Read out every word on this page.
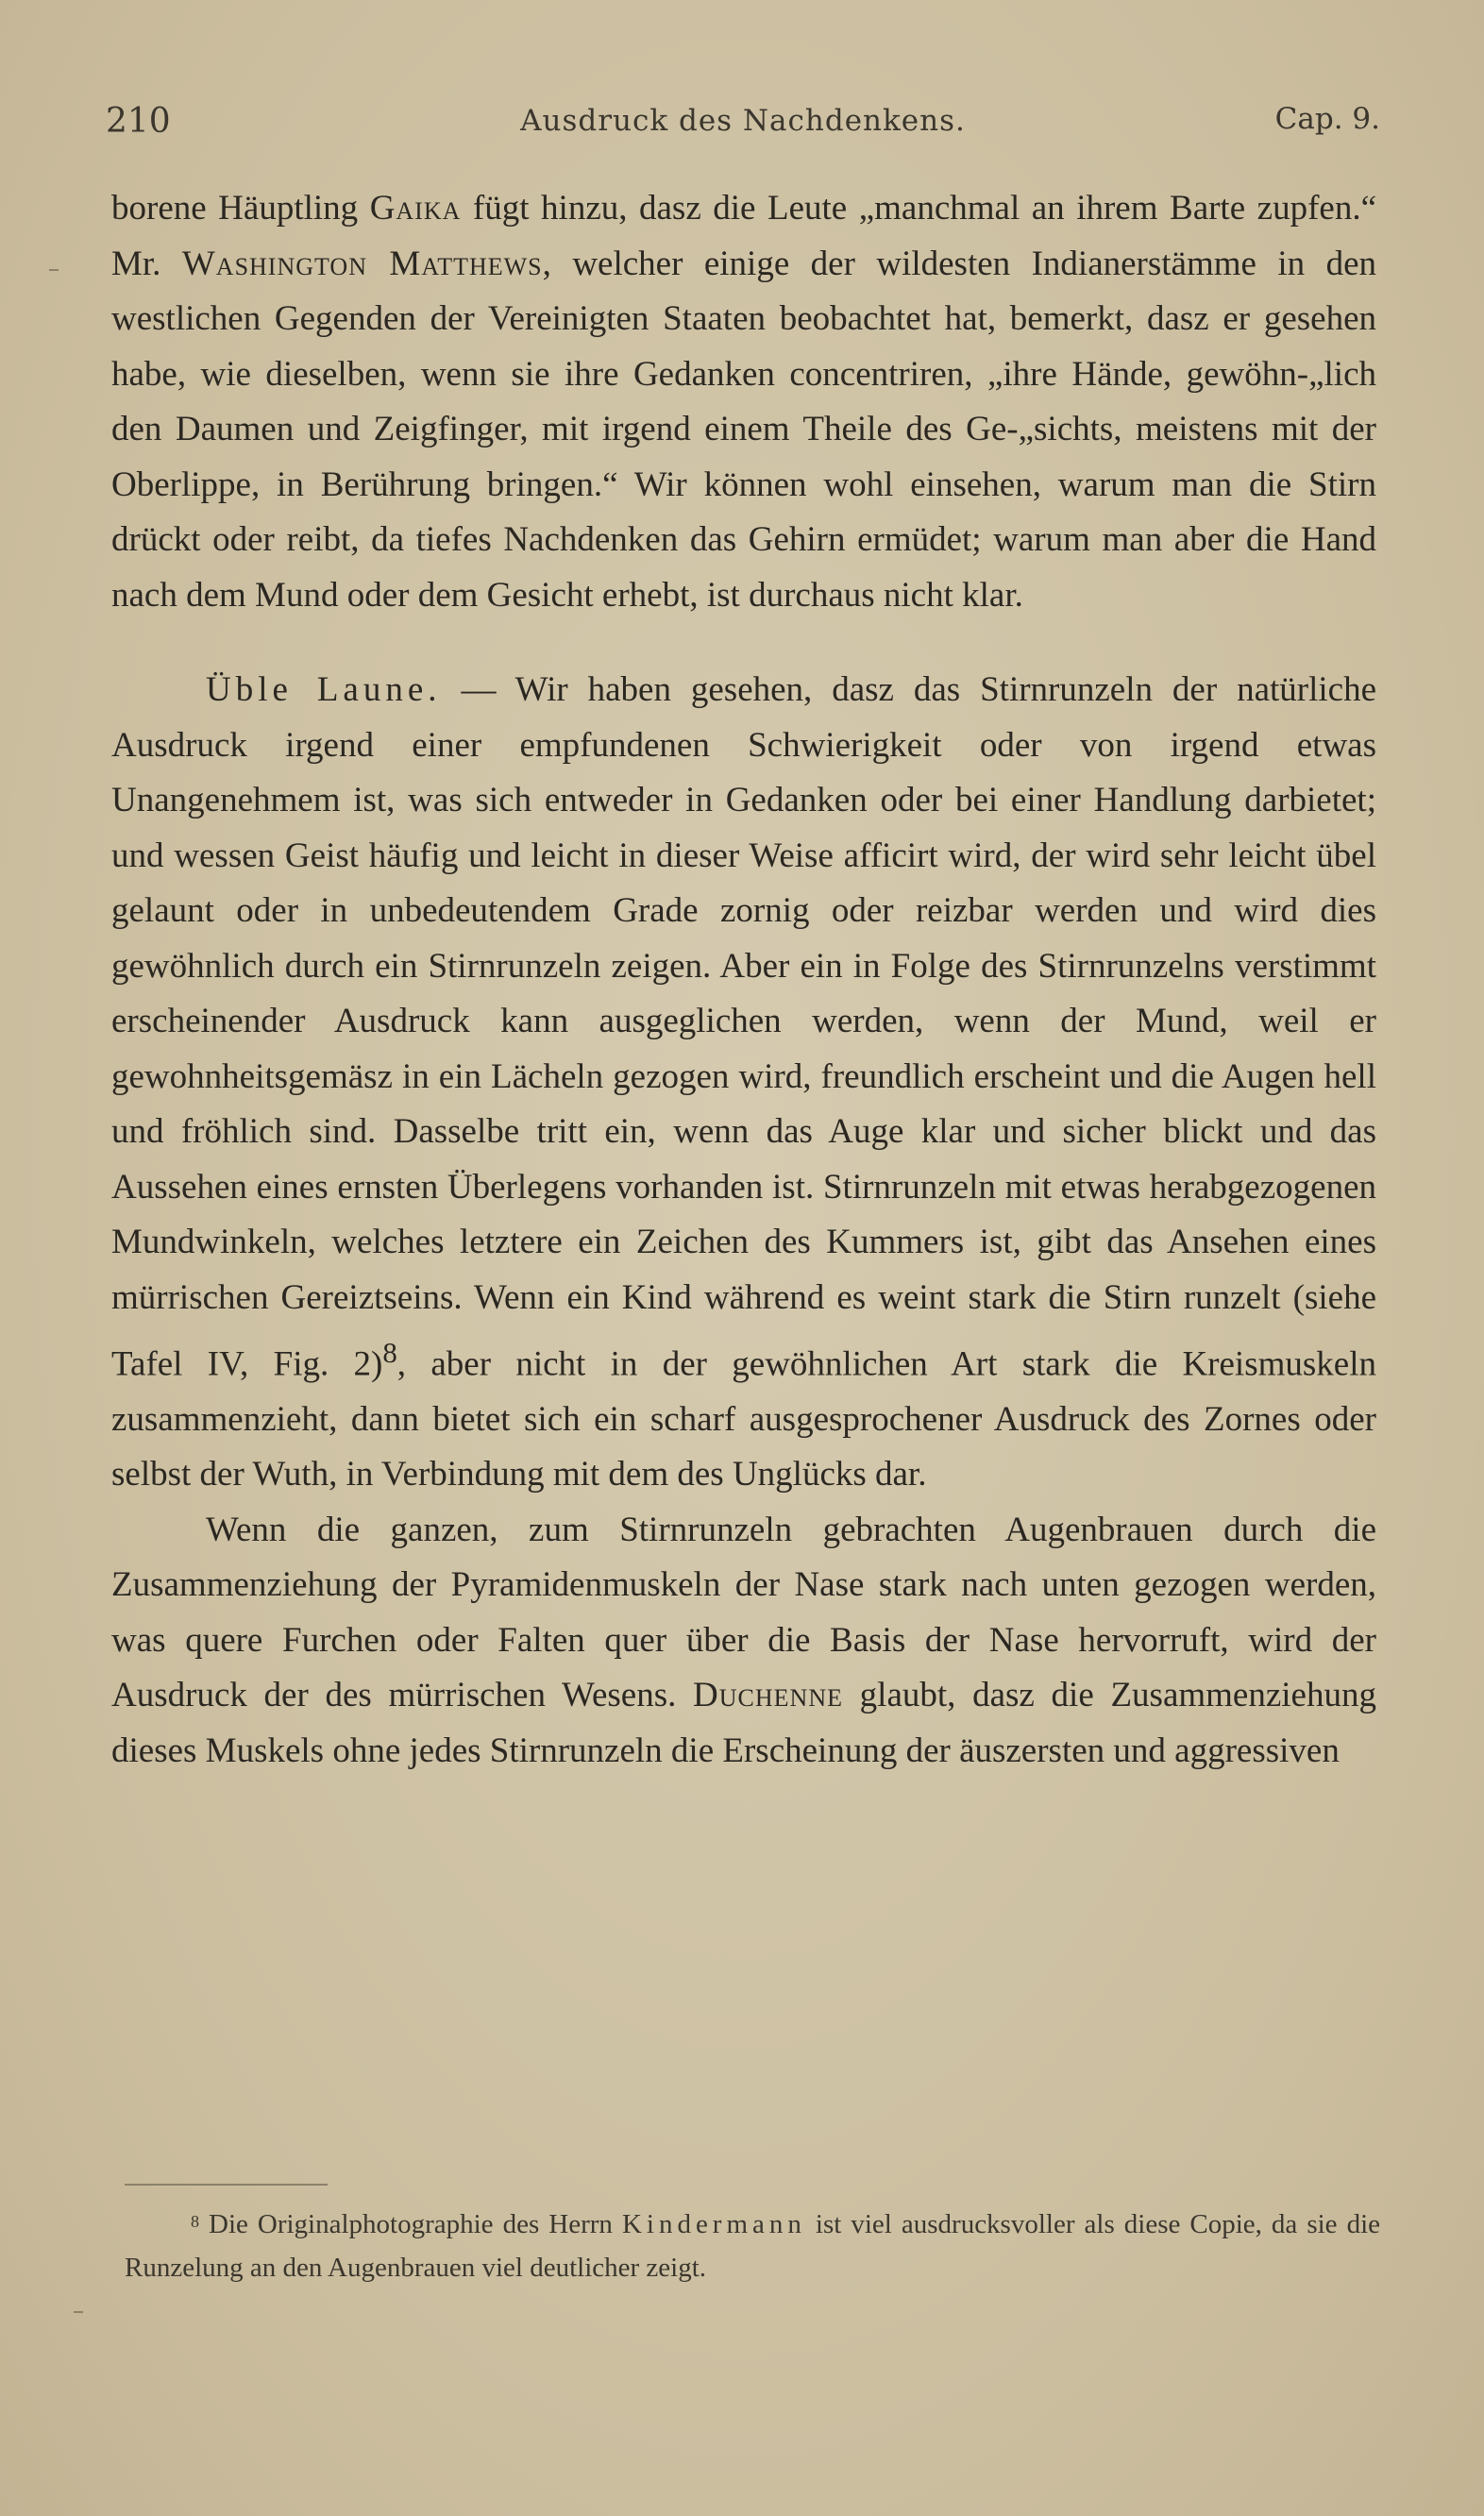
210	Ausdruck des Nachdenkens.	Cap. 9.

borene Häuptling Gaika fügt hinzu, dasz die Leute „manchmal an ihrem Barte zupfen.“ Mr. Washington Matthews, welcher einige der wildesten Indianerstämme in den westlichen Gegenden der Vereinigten Staaten beobachtet hat, bemerkt, dasz er gesehen habe, wie dieselben, wenn sie ihre Gedanken concentriren, „ihre Hände, gewöhn-„lich den Daumen und Zeigfinger, mit irgend einem Theile des Ge-„sichts, meistens mit der Oberlippe, in Berührung bringen.“ Wir können wohl einsehen, warum man die Stirn drückt oder reibt, da tiefes Nachdenken das Gehirn ermüdet; warum man aber die Hand nach dem Mund oder dem Gesicht erhebt, ist durchaus nicht klar.

Üble Laune. — Wir haben gesehen, dasz das Stirnrunzeln der natürliche Ausdruck irgend einer empfundenen Schwierigkeit oder von irgend etwas Unangenehmem ist, was sich entweder in Gedanken oder bei einer Handlung darbietet; und wessen Geist häufig und leicht in dieser Weise afficirt wird, der wird sehr leicht übel gelaunt oder in unbedeutendem Grade zornig oder reizbar werden und wird dies gewöhnlich durch ein Stirnrunzeln zeigen. Aber ein in Folge des Stirnrunzelns verstimmt erscheinender Ausdruck kann ausgeglichen werden, wenn der Mund, weil er gewohnheitsgemäsz in ein Lächeln gezogen wird, freundlich erscheint und die Augen hell und fröhlich sind. Dasselbe tritt ein, wenn das Auge klar und sicher blickt und das Aussehen eines ernsten Überlegens vorhanden ist. Stirnrunzeln mit etwas herabgezogenen Mundwinkeln, welches letztere ein Zeichen des Kummers ist, gibt das Ansehen eines mürrischen Gereiztseins. Wenn ein Kind während es weint stark die Stirn runzelt (siehe Tafel IV, Fig. 2)$^8$, aber nicht in der gewöhnlichen Art stark die Kreismuskeln zusammenzieht, dann bietet sich ein scharf ausgesprochener Ausdruck des Zornes oder selbst der Wuth, in Verbindung mit dem des Unglücks dar.

Wenn die ganzen, zum Stirnrunzeln gebrachten Augenbrauen durch die Zusammenziehung der Pyramidenmuskeln der Nase stark nach unten gezogen werden, was quere Furchen oder Falten quer über die Basis der Nase hervorruft, wird der Ausdruck der des mürrischen Wesens. Duchenne glaubt, dasz die Zusammenziehung dieses Muskels ohne jedes Stirnrunzeln die Erscheinung der äuszersten und aggressiven

$^8$ Die Originalphotographie des Herrn Kindermann ist viel ausdrucksvoller als diese Copie, da sie die Runzelung an den Augenbrauen viel deutlicher zeigt.
